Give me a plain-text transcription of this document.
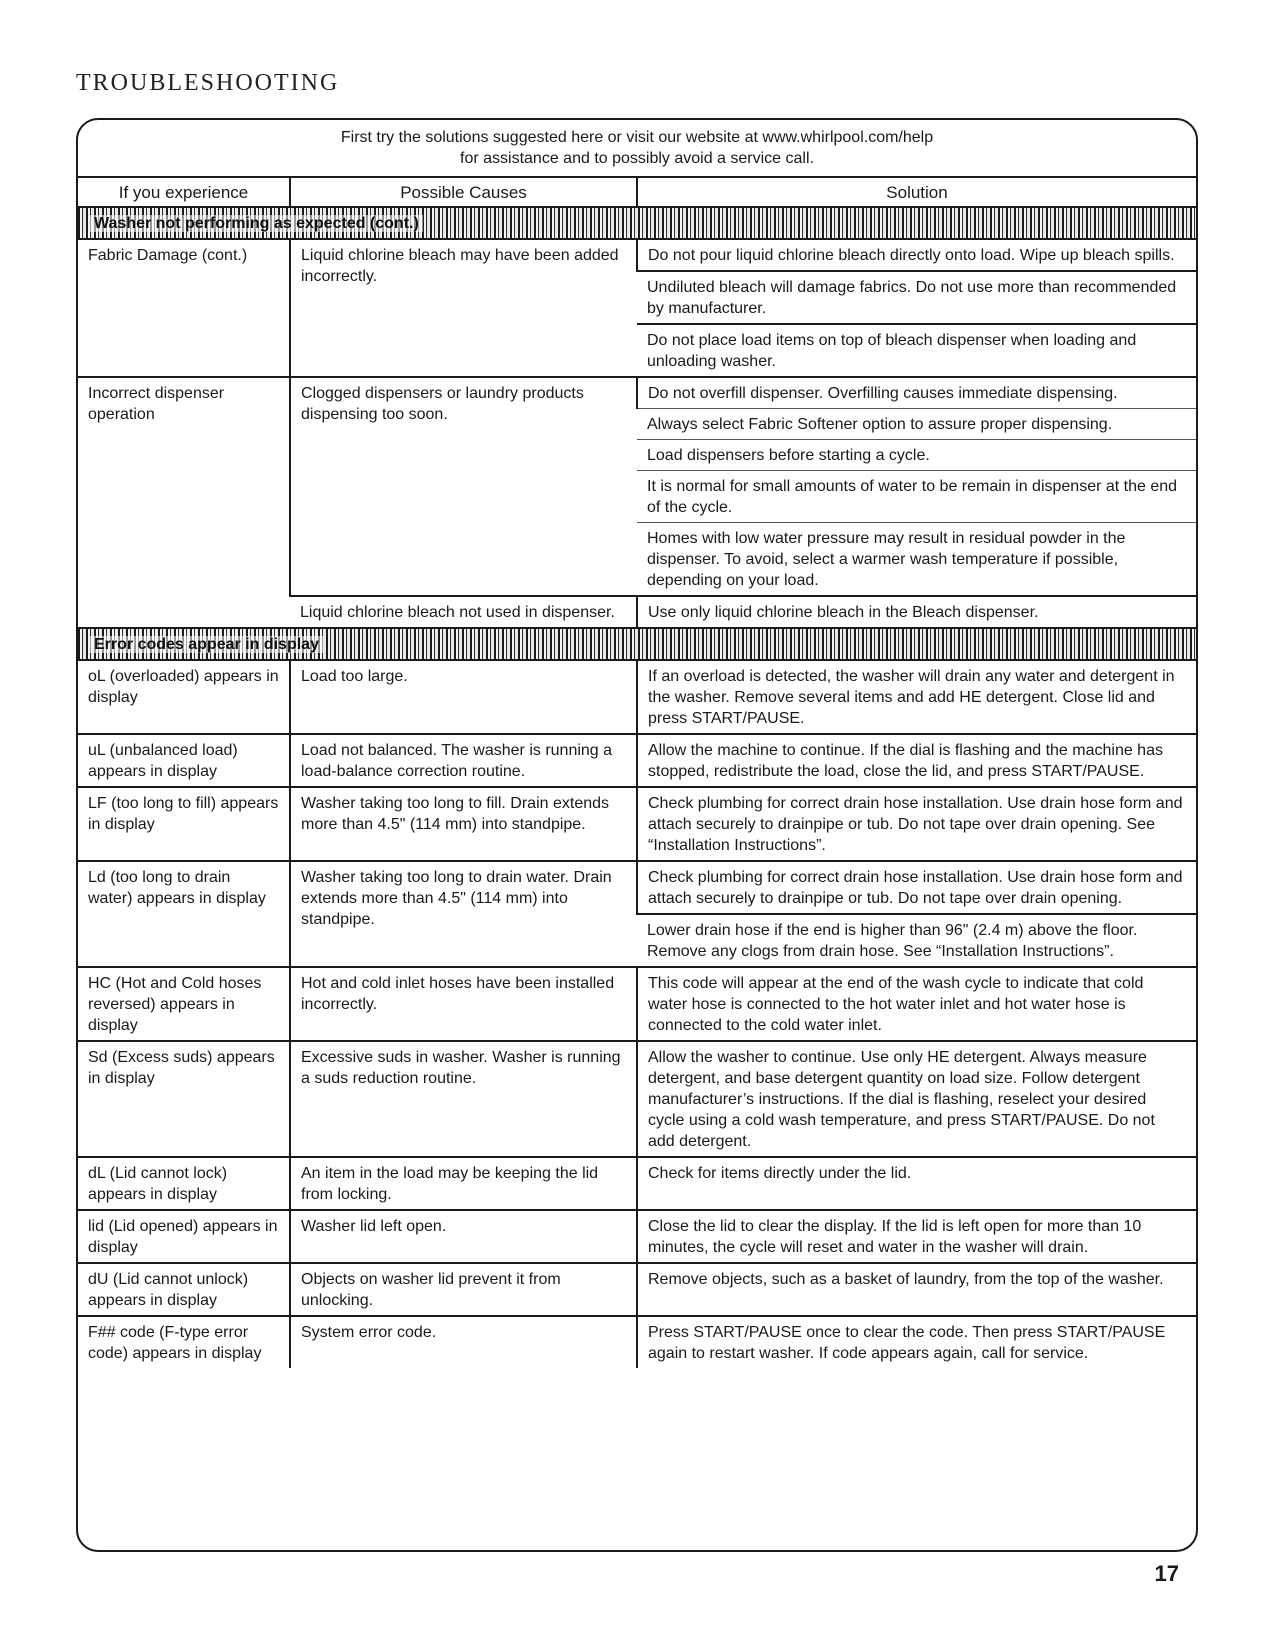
TROUBLESHOOTING
First try the solutions suggested here or visit our website at www.whirlpool.com/help
for assistance and to possibly avoid a service call.
If you experience	Possible Causes	Solution
Washer not performing as expected (cont.)		
Fabric Damage (cont.)	Liquid chlorine bleach may have been added incorrectly.	Do not pour liquid chlorine bleach directly onto load. Wipe up bleach spills.
		Undiluted bleach will damage fabrics. Do not use more than recommended by manufacturer.
		Do not place load items on top of bleach dispenser when loading and unloading washer.
Incorrect dispenser operation	Clogged dispensers or laundry products dispensing too soon.	Do not overfill dispenser. Overfilling causes immediate dispensing.
		Always select Fabric Softener option to assure proper dispensing.
		Load dispensers before starting a cycle.
		It is normal for small amounts of water to be remain in dispenser at the end of the cycle.
		Homes with low water pressure may result in residual powder in the dispenser. To avoid, select a warmer wash temperature if possible, depending on your load.
	Liquid chlorine bleach not used in dispenser.	Use only liquid chlorine bleach in the Bleach dispenser.
Error codes appear in display		
oL (overloaded) appears in display	Load too large.	If an overload is detected, the washer will drain any water and detergent in the washer. Remove several items and add HE detergent. Close lid and press START/PAUSE.
uL (unbalanced load) appears in display	Load not balanced. The washer is running a load-balance correction routine.	Allow the machine to continue. If the dial is flashing and the machine has stopped, redistribute the load, close the lid, and press START/PAUSE.
LF (too long to fill) appears in display	Washer taking too long to fill. Drain extends more than 4.5" (114 mm) into standpipe.	Check plumbing for correct drain hose installation. Use drain hose form and attach securely to drainpipe or tub. Do not tape over drain opening. See “Installation Instructions”.
Ld (too long to drain water) appears in display	Washer taking too long to drain water. Drain extends more than 4.5" (114 mm) into standpipe.	Check plumbing for correct drain hose installation. Use drain hose form and attach securely to drainpipe or tub. Do not tape over drain opening.
		Lower drain hose if the end is higher than 96" (2.4 m) above the floor. Remove any clogs from drain hose. See “Installation Instructions”.
HC (Hot and Cold hoses reversed) appears in display	Hot and cold inlet hoses have been installed incorrectly.	This code will appear at the end of the wash cycle to indicate that cold water hose is connected to the hot water inlet and hot water hose is connected to the cold water inlet.
Sd (Excess suds) appears in display	Excessive suds in washer. Washer is running a suds reduction routine.	Allow the washer to continue. Use only HE detergent. Always measure detergent, and base detergent quantity on load size. Follow detergent manufacturer’s instructions. If the dial is flashing, reselect your desired cycle using a cold wash temperature, and press START/PAUSE. Do not add detergent.
dL (Lid cannot lock) appears in display	An item in the load may be keeping the lid from locking.	Check for items directly under the lid.
lid (Lid opened) appears in display	Washer lid left open.	Close the lid to clear the display. If the lid is left open for more than 10 minutes, the cycle will reset and water in the washer will drain.
dU (Lid cannot unlock) appears in display	Objects on washer lid prevent it from unlocking.	Remove objects, such as a basket of laundry, from the top of the washer.
F## code (F-type error code) appears in display	System error code.	Press START/PAUSE once to clear the code. Then press START/PAUSE again to restart washer. If code appears again, call for service.
17
